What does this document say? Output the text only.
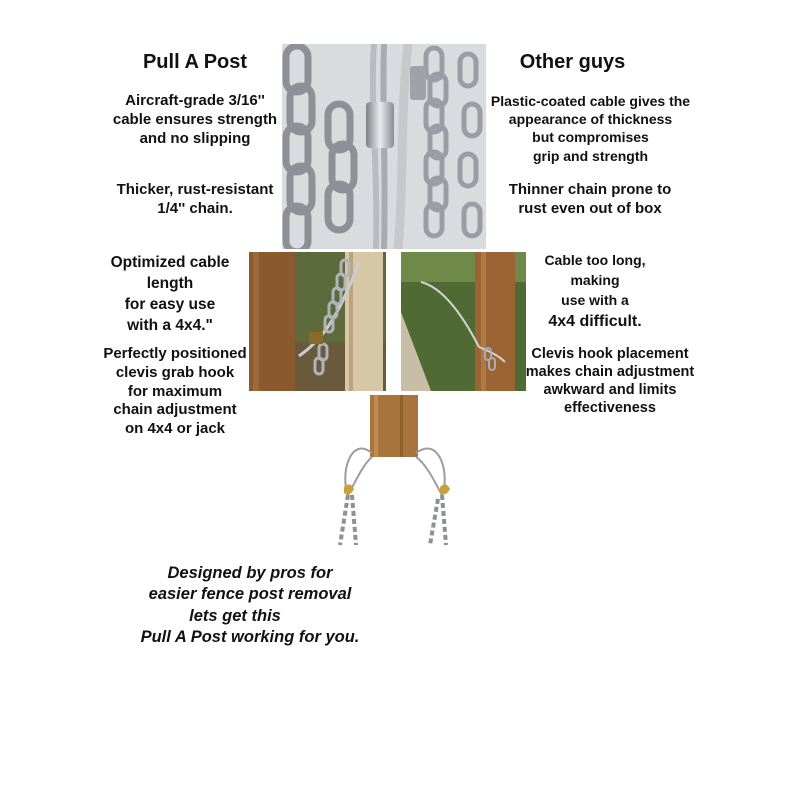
Pull A Post
Aircraft-grade 3/16''
cable ensures strength
and no slipping
Thicker, rust-resistant
1/4'' chain.
Optimized cable
length
for easy use
with a 4x4."
Perfectly positioned
clevis grab hook
for maximum
chain adjustment
on 4x4 or jack
Other guys
Plastic-coated cable gives the
appearance of thickness
but compromises
grip and strength
Thinner chain prone to
rust even out of box
Cable too long,
making
use with a
4x4 difficult.
Clevis hook placement
makes chain adjustment
awkward and limits
effectiveness
Designed by pros for
easier fence post removal
lets get this
Pull A Post working for you.
